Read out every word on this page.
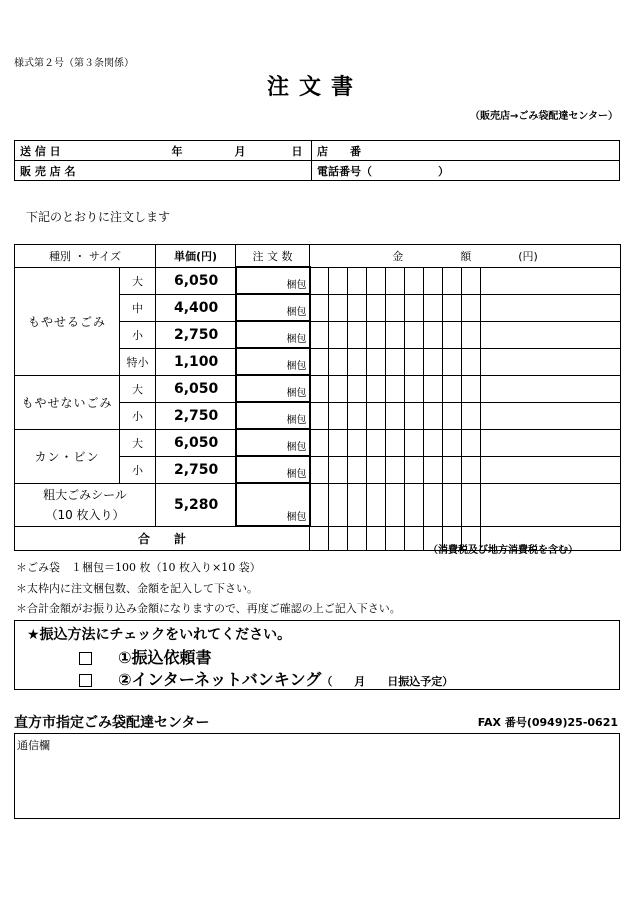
様式第２号（第３条関係）
注文書
（販売店→ごみ袋配達センター）
送 信 日 年 月 日	店　　番
販 売 店 名	電話番号（　　　　　　）
下記のとおりに注文します
種別 ・ サイズ		単価(円)	注 文 数	金 額 (円)									
もやせるごみ	大	6,050	梱包										
	中	4,400	梱包										
	小	2,750	梱包										
	特小	1,100	梱包										
もやせないごみ	大	6,050	梱包										
	小	2,750	梱包										
カン・ビン	大	6,050	梱包										
	小	2,750	梱包										

粗大ごみシール
（10 枚入り）		5,280	梱包										
合　　計													
（消費税及び地方消費税を含む）
＊ごみ袋　１梱包＝100 枚（10 枚入り×10 袋）
＊太枠内に注文梱包数、金額を記入して下さい。
＊合計金額がお振り込み金額になりますので、再度ご確認の上ご記入下さい。
★振込方法にチェックをいれてください。
①振込依頼書
②インターネットバンキング（　　月　　日振込予定）
直方市指定ごみ袋配達センター	FAX 番号(0949)25‐0621
通信欄
